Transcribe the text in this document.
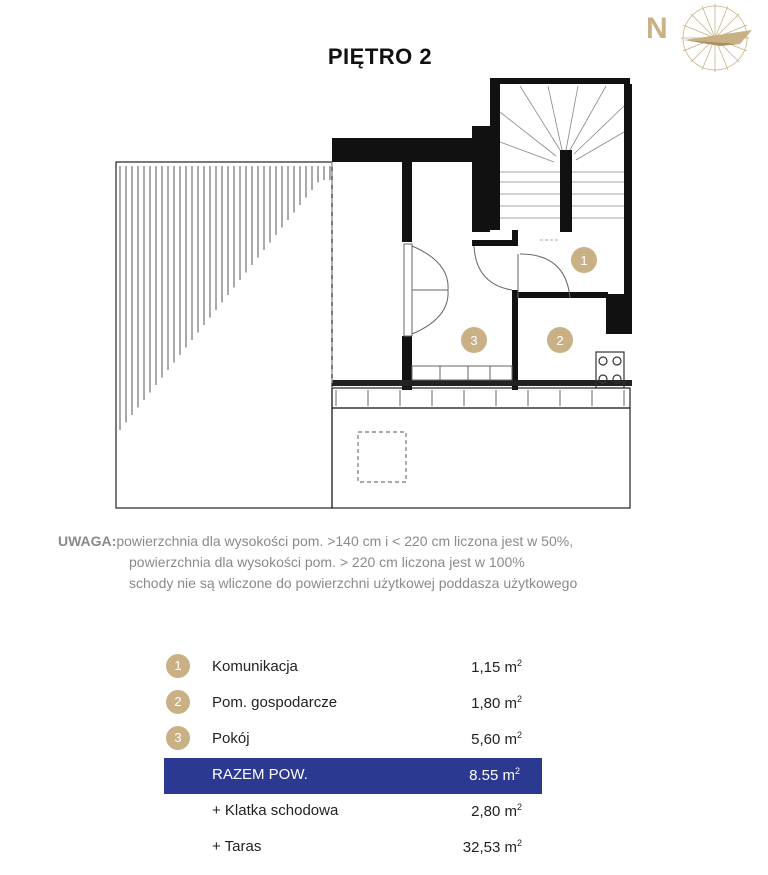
PIĘTRO 2
N
1
2
3
UWAGA:powierzchnia dla wysokości pom. >140 cm i < 220 cm liczona jest w 50%,
powierzchnia dla wysokości pom. > 220 cm liczona jest w 100%
schody nie są wliczone do powierzchni użytkowej poddasza użytkowego
1	Komunikacja	1,15 $m^2$
2	Pom. gospodarcze	1,80 $m^2$
3	Pokój	5,60 $m^2$
RAZEM POW.	8.55 $m^2$
+ Klatka schodowa	2,80 $m^2$
+ Taras	32,53 $m^2$
